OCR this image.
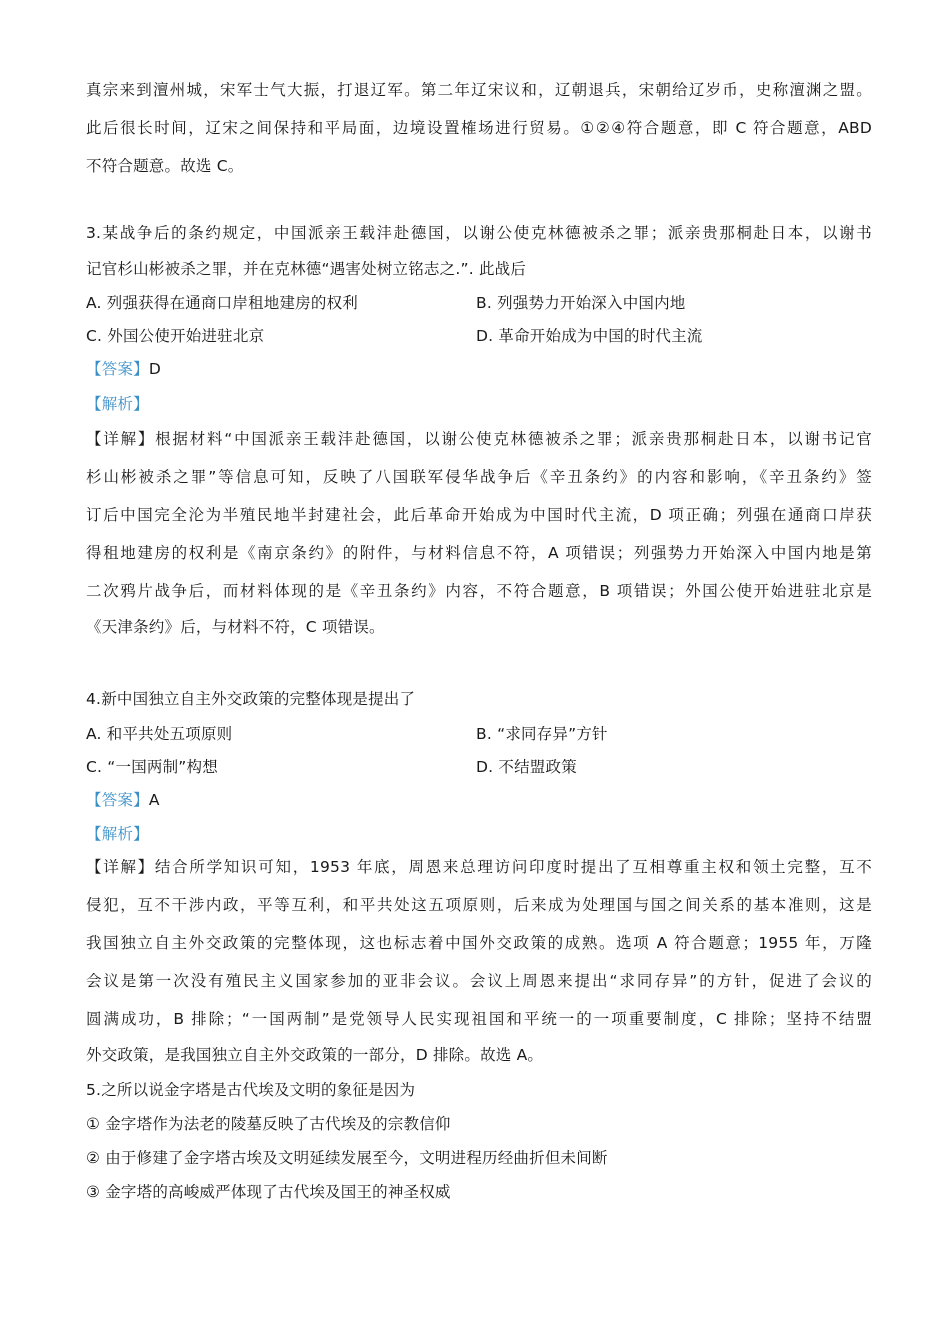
真宗来到澶州城，宋军士气大振，打退辽军。第二年辽宋议和，辽朝退兵，宋朝给辽岁币，史称澶渊之盟。
此后很长时间，辽宋之间保持和平局面，边境设置榷场进行贸易。①②④符合题意，即 C 符合题意，ABD
不符合题意。故选 C。
3.某战争后的条约规定，中国派亲王载沣赴德国，以谢公使克林德被杀之罪；派亲贵那桐赴日本，以谢书
记官杉山彬被杀之罪，并在克林德“遇害处树立铭志之.”. 此战后
A. 列强获得在通商口岸租地建房的权利	B. 列强势力开始深入中国内地
C. 外国公使开始进驻北京	D. 革命开始成为中国的时代主流
【答案】D
【解析】
【详解】根据材料“中国派亲王载沣赴德国，以谢公使克林德被杀之罪；派亲贵那桐赴日本，以谢书记官
杉山彬被杀之罪”等信息可知，反映了八国联军侵华战争后《辛丑条约》的内容和影响，《辛丑条约》签
订后中国完全沦为半殖民地半封建社会，此后革命开始成为中国时代主流，D 项正确；列强在通商口岸获
得租地建房的权利是《南京条约》的附件，与材料信息不符，A 项错误；列强势力开始深入中国内地是第
二次鸦片战争后，而材料体现的是《辛丑条约》内容，不符合题意，B 项错误；外国公使开始进驻北京是
《天津条约》后，与材料不符，C 项错误。
4.新中国独立自主外交政策的完整体现是提出了
A. 和平共处五项原则	B. “求同存异”方针
C. “一国两制”构想	D. 不结盟政策
【答案】A
【解析】
【详解】结合所学知识可知，1953 年底，周恩来总理访问印度时提出了互相尊重主权和领土完整，互不
侵犯，互不干涉内政，平等互利，和平共处这五项原则，后来成为处理国与国之间关系的基本准则，这是
我国独立自主外交政策的完整体现，这也标志着中国外交政策的成熟。选项 A 符合题意；1955 年，万隆
会议是第一次没有殖民主义国家参加的亚非会议。会议上周恩来提出“求同存异”的方针，促进了会议的
圆满成功，B 排除；“一国两制”是党领导人民实现祖国和平统一的一项重要制度，C 排除；坚持不结盟
外交政策，是我国独立自主外交政策的一部分，D 排除。故选 A。
5.之所以说金字塔是古代埃及文明的象征是因为
① 金字塔作为法老的陵墓反映了古代埃及的宗教信仰
② 由于修建了金字塔古埃及文明延续发展至今，文明进程历经曲折但未间断
③ 金字塔的高峻威严体现了古代埃及国王的神圣权威
